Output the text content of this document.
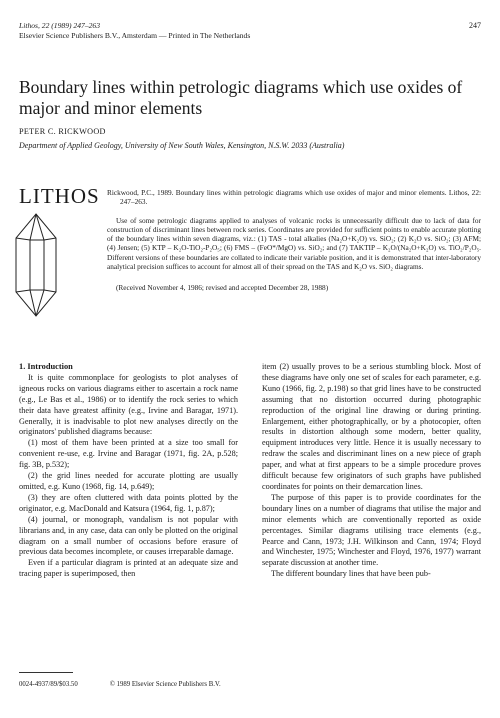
Lithos, 22 (1989) 247–263
Elsevier Science Publishers B.V., Amsterdam — Printed in The Netherlands
247
Boundary lines within petrologic diagrams which use oxides of major and minor elements
PETER C. RICKWOOD
Department of Applied Geology, University of New South Wales, Kensington, N.S.W. 2033 (Australia)
LITHOS Rickwood, P.C., 1989. Boundary lines within petrologic diagrams which use oxides of major and minor elements. Lithos, 22: 247–263.

Use of some petrologic diagrams applied to analyses of volcanic rocks is unnecessarily difficult due to lack of data for construction of discriminant lines between rock series. Coordinates are provided for sufficient points to enable accurate plotting of the boundary lines within seven diagrams, viz.: (1) TAS - total alkalies (Na₂O+K₂O) vs. SiO₂; (2) K₂O vs. SiO₂; (3) AFM; (4) Jensen; (5) KTP – K₂O-TiO₂-P₂O₅; (6) FMS – (FeO*/MgO) vs. SiO₂; and (7) TAKTIP – K₂O/(Na₂O+K₂O) vs. TiO₂/P₂O₅. Different versions of these boundaries are collated to indicate their variable position, and it is demonstrated that inter-laboratory analytical precision suffices to account for almost all of their spread on the TAS and K₂O vs. SiO₂ diagrams.

(Received November 4, 1986; revised and accepted December 28, 1988)

1. Introduction

It is quite commonplace for geologists to plot analyses of igneous rocks on various diagrams either to ascertain a rock name (e.g., Le Bas et al., 1986) or to identify the rock series to which their data have greatest affinity (e.g., Irvine and Baragar, 1971). Generally, it is inadvisable to plot new analyses directly on the originators' published diagrams because:

(1) most of them have been printed at a size too small for convenient re-use, e.g. Irvine and Baragar (1971, fig. 2A, p.528; fig. 3B, p.532);

(2) the grid lines needed for accurate plotting are usually omitted, e.g. Kuno (1968, fig. 14, p.649);

(3) they are often cluttered with data points plotted by the originator, e.g. MacDonald and Katsura (1964, fig. 1, p.87);

(4) journal, or monograph, vandalism is not popular with librarians and, in any case, data can only be plotted on the original diagram on a small number of occasions before erasure of previous data becomes incomplete, or causes irreparable damage.

Even if a particular diagram is printed at an adequate size and tracing paper is superimposed, then

item (2) usually proves to be a serious stumbling block. Most of these diagrams have only one set of scales for each parameter, e.g. Kuno (1966, fig. 2, p.198) so that grid lines have to be constructed assuming that no distortion occurred during photographic reproduction of the original line drawing or during printing. Enlargement, either photographically, or by a photocopier, often results in distortion although some modern, better quality, equipment introduces very little. Hence it is usually necessary to redraw the scales and discriminant lines on a new piece of graph paper, and what at first appears to be a simple procedure proves difficult because few originators of such graphs have published coordinates for points on their demarcation lines.

The purpose of this paper is to provide coordinates for the boundary lines on a number of diagrams that utilise the major and minor elements which are conventionally reported as oxide percentages. Similar diagrams utilising trace elements (e.g., Pearce and Cann, 1973; J.H. Wilkinson and Cann, 1974; Floyd and Winchester, 1975; Winchester and Floyd, 1976, 1977) warrant separate discussion at another time.

The different boundary lines that have been pub-

0024-4937/89/$03.50	© 1989 Elsevier Science Publishers B.V.
